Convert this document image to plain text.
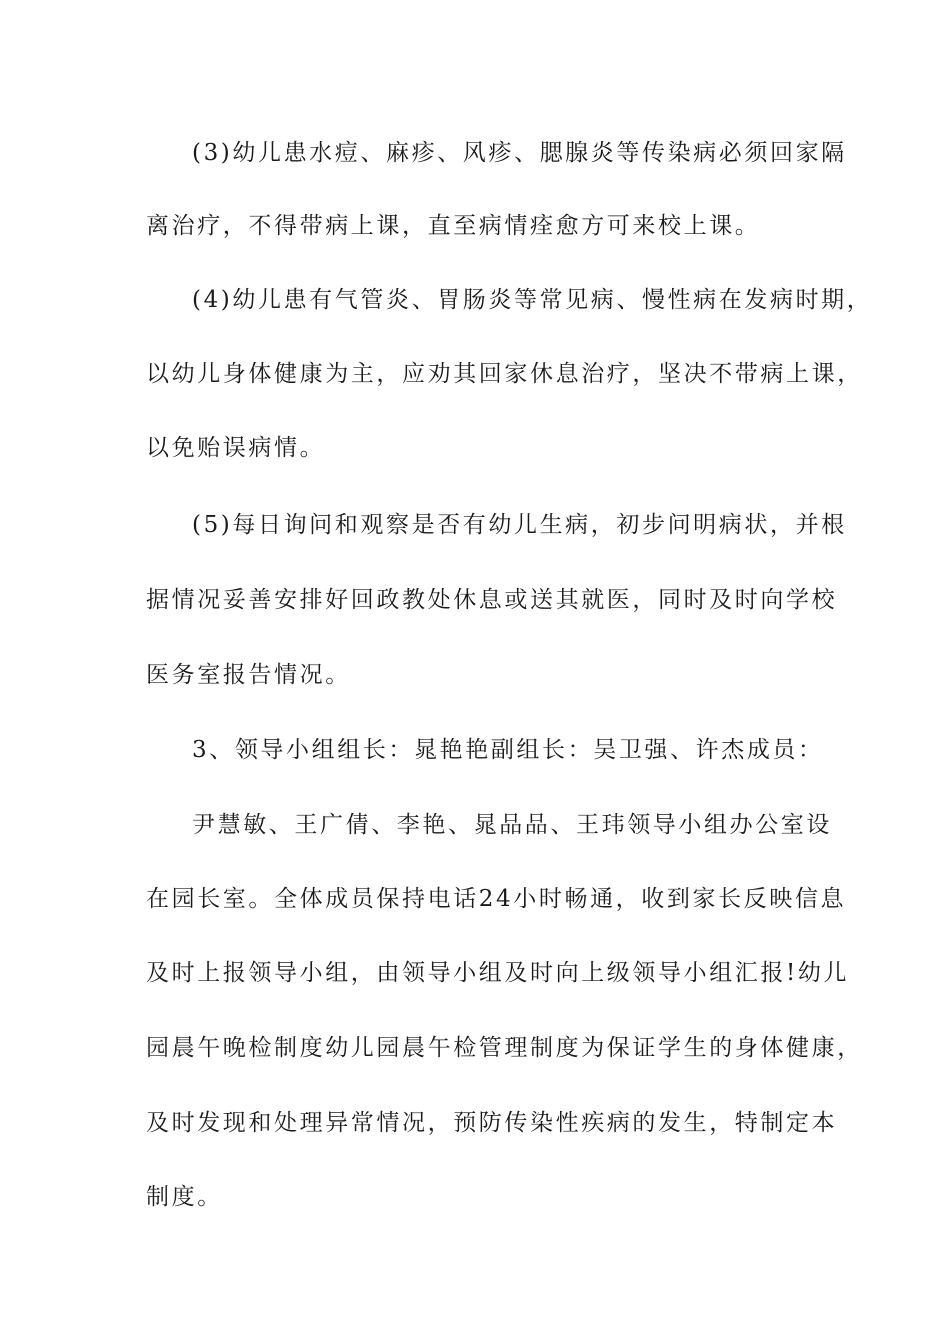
(3)幼儿患水痘、麻疹、风疹、腮腺炎等传染病必须回家隔
离治疗，不得带病上课，直至病情痊愈方可来校上课。
(4)幼儿患有气管炎、胃肠炎等常见病、慢性病在发病时期，
以幼儿身体健康为主，应劝其回家休息治疗，坚决不带病上课，
以免贻误病情。
(5)每日询问和观察是否有幼儿生病，初步问明病状，并根
据情况妥善安排好回政教处休息或送其就医，同时及时向学校
医务室报告情况。
3、领导小组组长：晁艳艳副组长：吴卫强、许杰成员：
尹慧敏、王广倩、李艳、晁品品、王玮领导小组办公室设
在园长室。全体成员保持电话24小时畅通，收到家长反映信息
及时上报领导小组，由领导小组及时向上级领导小组汇报!幼儿
园晨午晚检制度幼儿园晨午检管理制度为保证学生的身体健康，
及时发现和处理异常情况，预防传染性疾病的发生，特制定本
制度。
